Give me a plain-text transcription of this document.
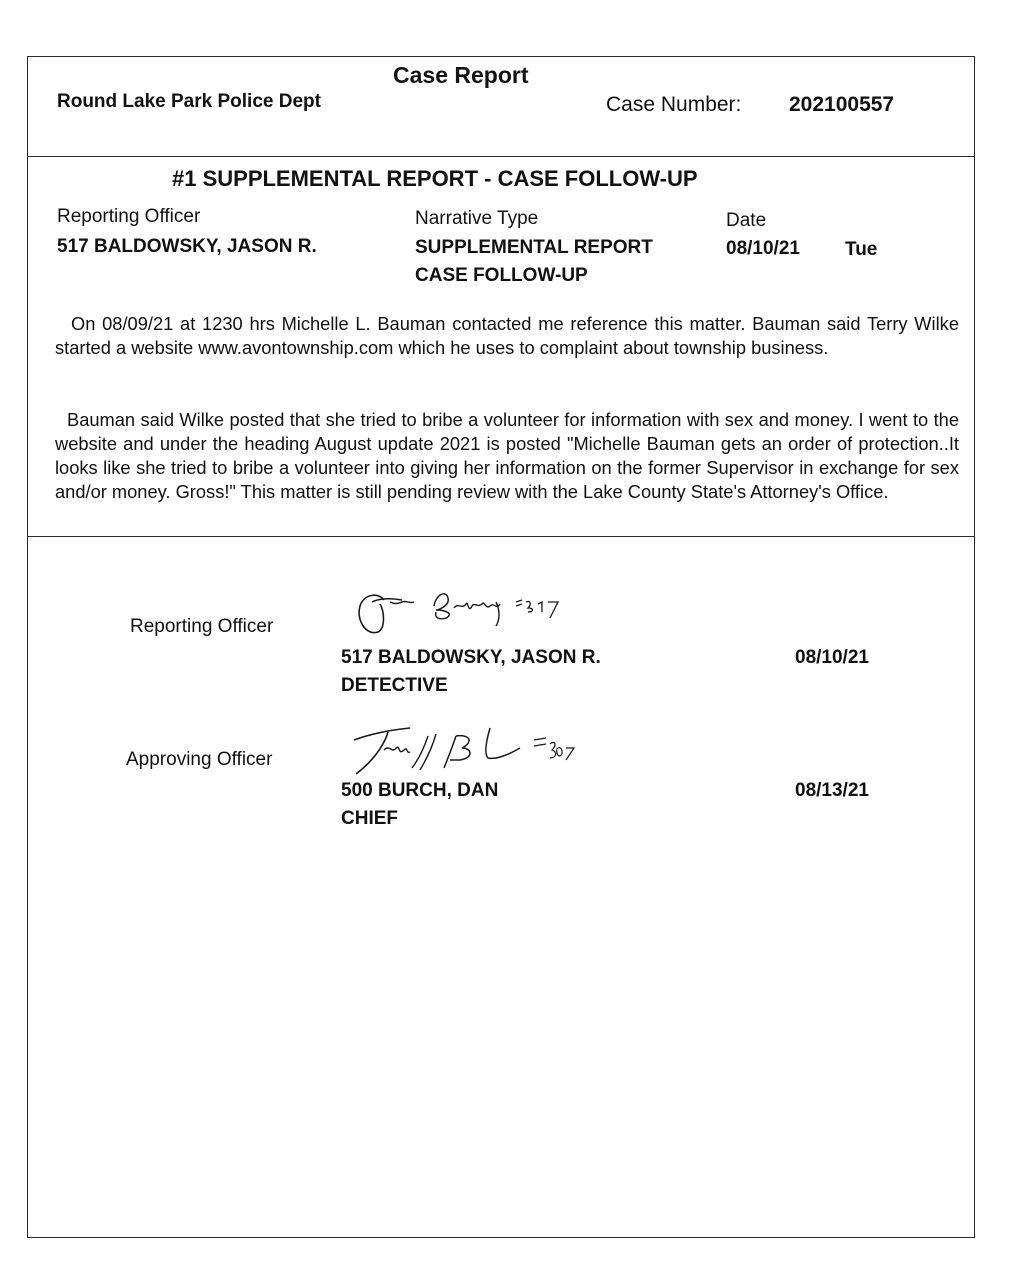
Case Report
Round Lake Park Police Dept	Case Number: 202100557
#1 SUPPLEMENTAL REPORT - CASE FOLLOW-UP
Reporting Officer
517 BALDOWSKY, JASON R.
Narrative Type
SUPPLEMENTAL REPORT
CASE FOLLOW-UP
Date
08/10/21 Tue
On 08/09/21 at 1230 hrs Michelle L. Bauman contacted me reference this matter. Bauman said Terry Wilke started a website www.avontownship.com which he uses to complaint about township business.
Bauman said Wilke posted that she tried to bribe a volunteer for information with sex and money. I went to the website and under the heading August update 2021 is posted "Michelle Bauman gets an order of protection..It looks like she tried to bribe a volunteer into giving her information on the former Supervisor in exchange for sex and/or money. Gross!" This matter is still pending review with the Lake County State's Attorney's Office.
Reporting Officer
517 BALDOWSKY, JASON R.
DETECTIVE
08/10/21
Approving Officer
500 BURCH, DAN
CHIEF
08/13/21
